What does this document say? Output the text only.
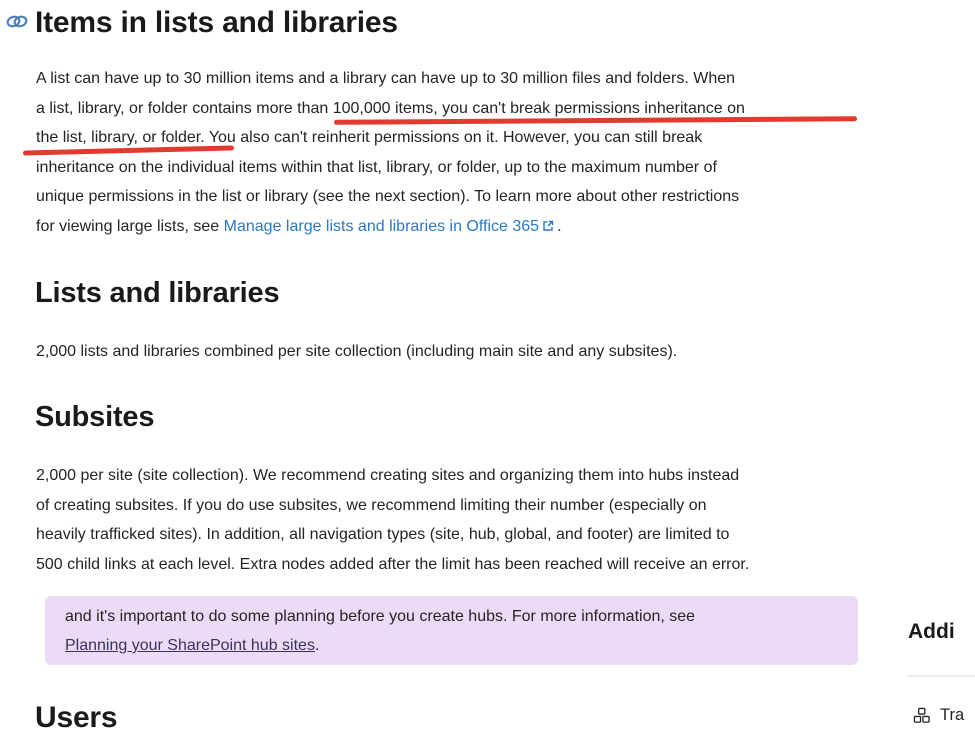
Items in lists and libraries
A list can have up to 30 million items and a library can have up to 30 million files and folders. When
a list, library, or folder contains more than 100,000 items, you can't break permissions inheritance on
the list, library, or folder. You also can't reinherit permissions on it. However, you can still break
inheritance on the individual items within that list, library, or folder, up to the maximum number of
unique permissions in the list or library (see the next section). To learn more about other restrictions
for viewing large lists, see Manage large lists and libraries in Office 365 .
Lists and libraries
2,000 lists and libraries combined per site collection (including main site and any subsites).
Subsites
2,000 per site (site collection). We recommend creating sites and organizing them into hubs instead
of creating subsites. If you do use subsites, we recommend limiting their number (especially on
heavily trafficked sites). In addition, all navigation types (site, hub, global, and footer) are limited to
500 child links at each level. Extra nodes added after the limit has been reached will receive an error.
and it's important to do some planning before you create hubs. For more information, see
Planning your SharePoint hub sites.
Users
Addi
Tra
